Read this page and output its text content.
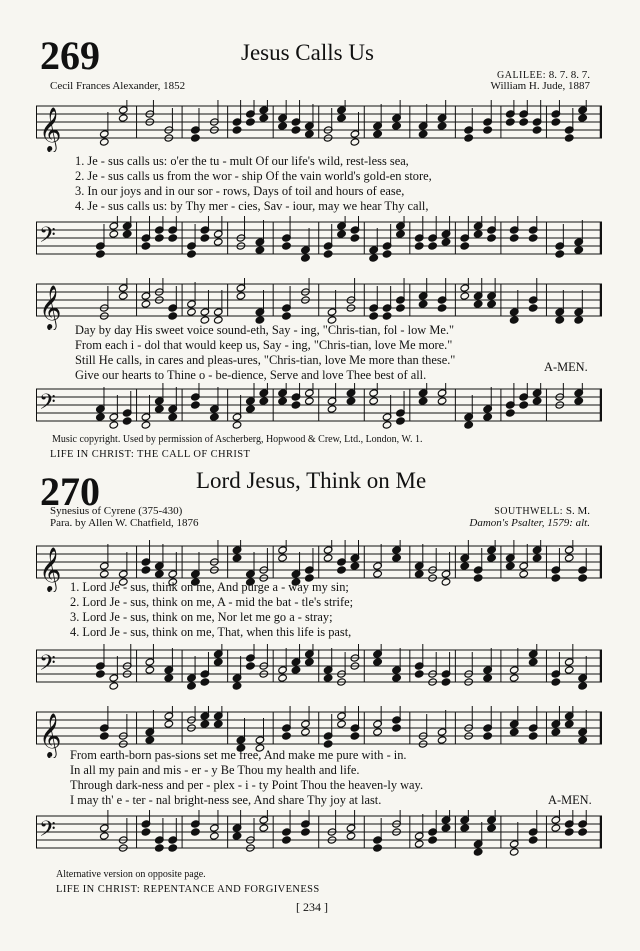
269	Jesus Calls Us
Cecil Frances Alexander, 1852
GALILEE: 8. 7. 8. 7.
William H. Jude, 1887
𝄞
1. Je - sus calls us: o'er the tu - mult Of our life's wild, rest-less sea,
2. Je - sus calls us from the wor - ship Of the vain world's gold-en store,
3. In our joys and in our sor - rows, Days of toil and hours of ease,
4. Je - sus calls us: by Thy mer - cies, Sav - iour, may we hear Thy call,
𝄢
𝄞
Day by day His sweet voice sound-eth, Say - ing, "Chris-tian, fol - low Me."
From each i - dol that would keep us, Say - ing, "Chris-tian, love Me more."
Still He calls, in cares and pleas-ures, "Chris-tian, love Me more than these."
Give our hearts to Thine o - be-dience, Serve and love Thee best of all.
A-MEN.
𝄢
Music copyright. Used by permission of Ascherberg, Hopwood & Crew, Ltd., London, W. 1.
LIFE IN CHRIST: THE CALL OF CHRIST
270	Lord Jesus, Think on Me
Synesius of Cyrene (375-430)
Para. by Allen W. Chatfield, 1876
SOUTHWELL: S. M.
Damon's Psalter, 1579: alt.
𝄞 1. Lord Je - sus, think on me, And purge a - way my sin;
2. Lord Je - sus, think on me, A - mid the bat - tle's strife;
3. Lord Je - sus, think on me, Nor let me go a - stray;
4. Lord Je - sus, think on me, That, when this life is past,
𝄢
𝄞 From earth-born pas-sions set me free, And make me pure with - in.
In all my pain and mis - er - y Be Thou my health and life.
Through dark-ness and per - plex - i - ty Point Thou the heaven-ly way.
I may th' e - ter - nal bright-ness see, And share Thy joy at last.	A-MEN.
𝄢
Alternative version on opposite page.
LIFE IN CHRIST: REPENTANCE AND FORGIVENESS
[ 234 ]
